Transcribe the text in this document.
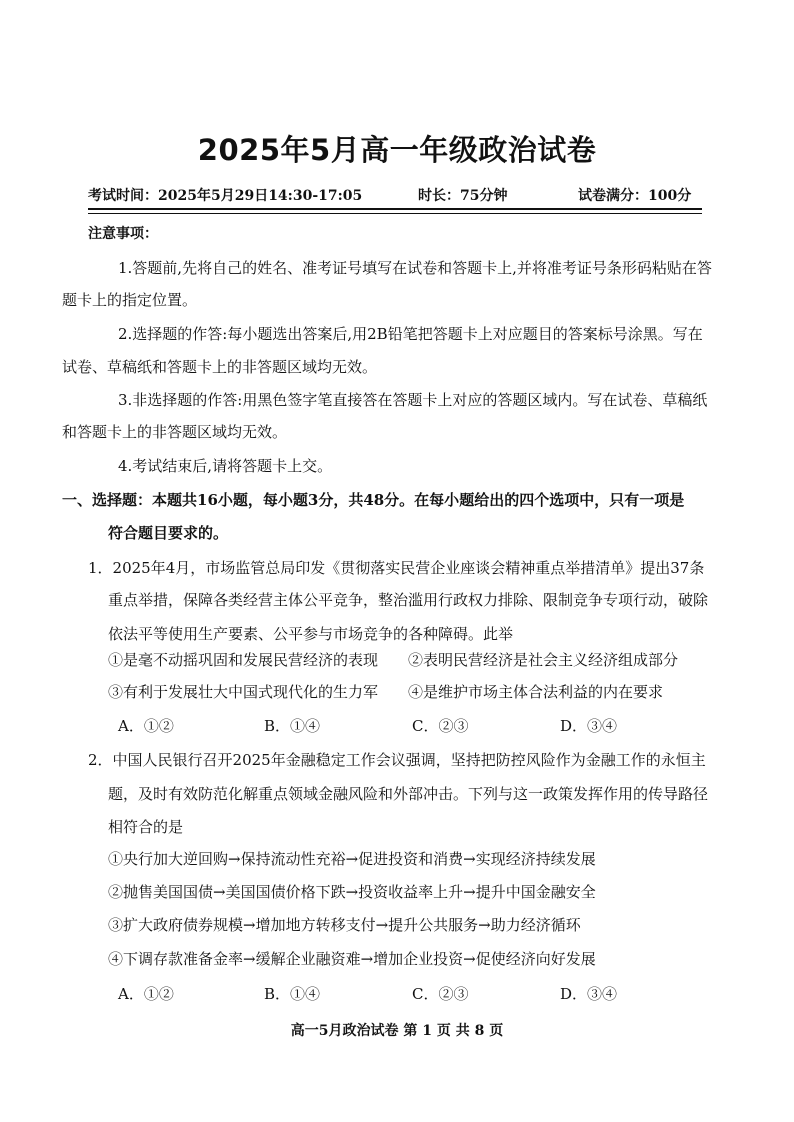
2025年5月高一年级政治试卷
考试时间：2025年5月29日14:30-17:05	时长：75分钟	试卷满分：100分
注意事项：
1.答题前,先将自己的姓名、准考证号填写在试卷和答题卡上,并将准考证号条形码粘贴在答
题卡上的指定位置。
2.选择题的作答:每小题选出答案后,用2B铅笔把答题卡上对应题目的答案标号涂黑。写在
试卷、草稿纸和答题卡上的非答题区域均无效。
3.非选择题的作答:用黑色签字笔直接答在答题卡上对应的答题区域内。写在试卷、草稿纸
和答题卡上的非答题区域均无效。
4.考试结束后,请将答题卡上交。
一、选择题：本题共16小题，每小题3分，共48分。在每小题给出的四个选项中，只有一项是
符合题目要求的。
1．2025年4月，市场监管总局印发《贯彻落实民营企业座谈会精神重点举措清单》提出37条
重点举措，保障各类经营主体公平竞争，整治滥用行政权力排除、限制竞争专项行动，破除
依法平等使用生产要素、公平参与市场竞争的各种障碍。此举
①是毫不动摇巩固和发展民营经济的表现 ②表明民营经济是社会主义经济组成部分
③有利于发展壮大中国式现代化的生力军 ④是维护市场主体合法利益的内在要求
A．①②	B．①④	C．②③	D．③④
2．中国人民银行召开2025年金融稳定工作会议强调，坚持把防控风险作为金融工作的永恒主
题，及时有效防范化解重点领域金融风险和外部冲击。下列与这一政策发挥作用的传导路径
相符合的是
①央行加大逆回购→保持流动性充裕→促进投资和消费→实现经济持续发展
②抛售美国国债→美国国债价格下跌→投资收益率上升→提升中国金融安全
③扩大政府债券规模→增加地方转移支付→提升公共服务→助力经济循环
④下调存款准备金率→缓解企业融资难→增加企业投资→促使经济向好发展
A．①②	B．①④	C．②③	D．③④
高一5月政治试卷 第 1 页 共 8 页
